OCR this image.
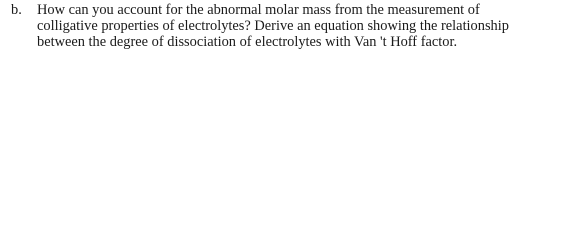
b. How can you account for the abnormal molar mass from the measurement of
colligative properties of electrolytes? Derive an equation showing the relationship
between the degree of dissociation of electrolytes with Van 't Hoff factor.
